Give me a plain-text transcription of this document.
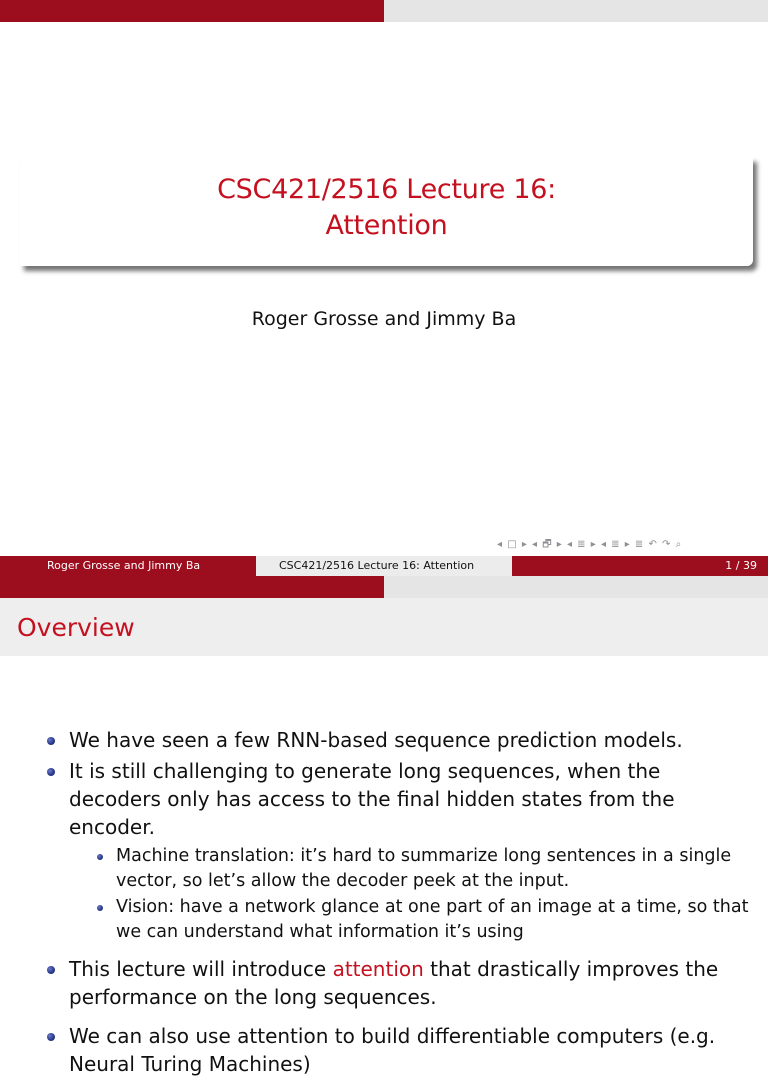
CSC421/2516 Lecture 16:
Attention
Roger Grosse and Jimmy Ba
◂ □ ▸ ◂ 🗗 ▸ ◂ ≣ ▸ ◂ ≣ ▸ ≣ ↶ ↷ ⌕
Roger Grosse and Jimmy Ba	CSC421/2516 Lecture 16: Attention	1 / 39
Overview
We have seen a few RNN-based sequence prediction models.
It is still challenging to generate long sequences, when the decoders only has access to the final hidden states from the encoder.
Machine translation: it’s hard to summarize long sentences in a single vector, so let’s allow the decoder peek at the input.
Vision: have a network glance at one part of an image at a time, so that we can understand what information it’s using
This lecture will introduce attention that drastically improves the performance on the long sequences.
We can also use attention to build differentiable computers (e.g. Neural Turing Machines)
